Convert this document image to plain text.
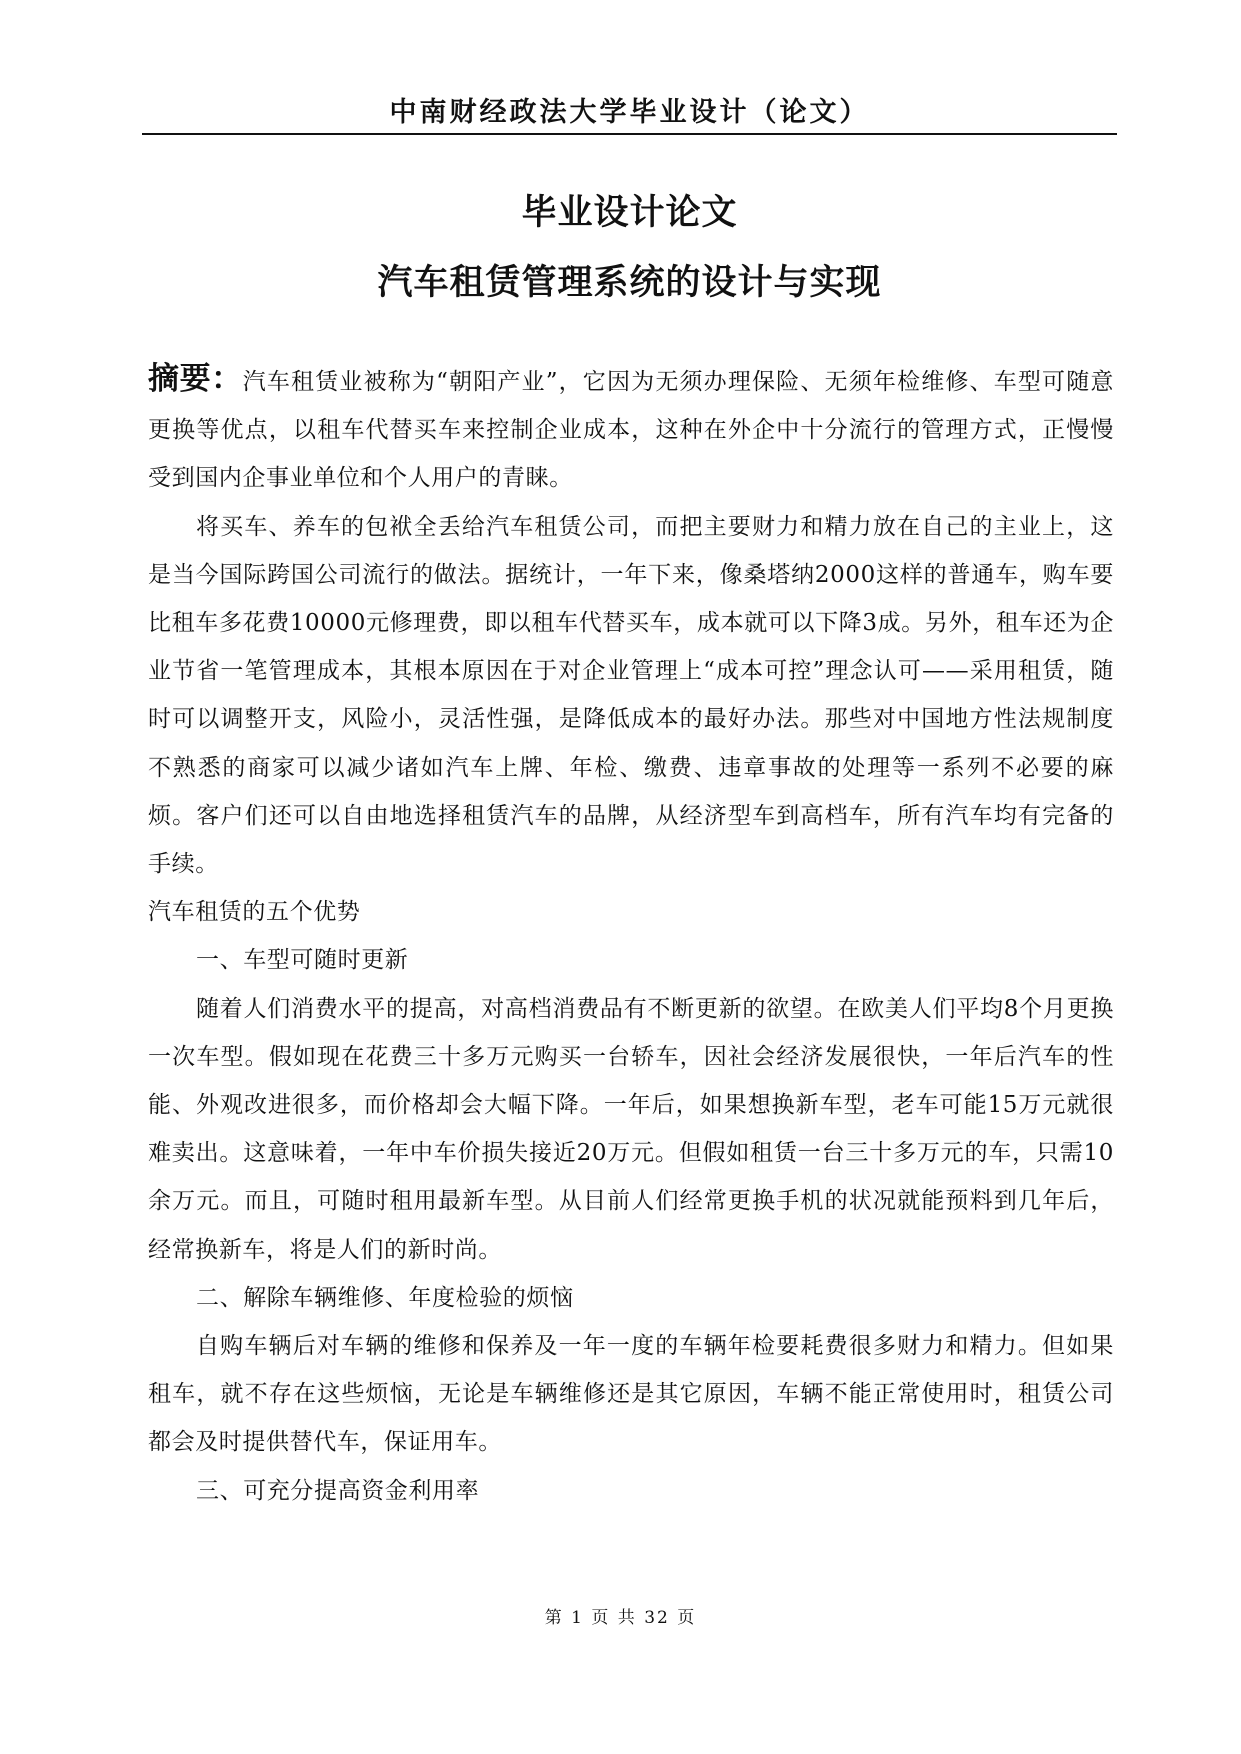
中南财经政法大学毕业设计（论文）
毕业设计论文
汽车租赁管理系统的设计与实现

摘要：汽车租赁业被称为“朝阳产业”，它因为无须办理保险、无须年检维修、车型可随意更换等优点，以租车代替买车来控制企业成本，这种在外企中十分流行的管理方式，正慢慢受到国内企事业单位和个人用户的青睐。

将买车、养车的包袱全丢给汽车租赁公司，而把主要财力和精力放在自己的主业上，这是当今国际跨国公司流行的做法。据统计，一年下来，像桑塔纳2000这样的普通车，购车要比租车多花费10000元修理费，即以租车代替买车，成本就可以下降3成。另外，租车还为企业节省一笔管理成本，其根本原因在于对企业管理上“成本可控”理念认可——采用租赁，随时可以调整开支，风险小，灵活性强，是降低成本的最好办法。那些对中国地方性法规制度不熟悉的商家可以减少诸如汽车上牌、年检、缴费、违章事故的处理等一系列不必要的麻烦。客户们还可以自由地选择租赁汽车的品牌，从经济型车到高档车，所有汽车均有完备的手续。

汽车租赁的五个优势

一、车型可随时更新

随着人们消费水平的提高，对高档消费品有不断更新的欲望。在欧美人们平均8个月更换一次车型。假如现在花费三十多万元购买一台轿车，因社会经济发展很快，一年后汽车的性能、外观改进很多，而价格却会大幅下降。一年后，如果想换新车型，老车可能15万元就很难卖出。这意味着，一年中车价损失接近20万元。但假如租赁一台三十多万元的车，只需10余万元。而且，可随时租用最新车型。从目前人们经常更换手机的状况就能预料到几年后，经常换新车，将是人们的新时尚。

二、解除车辆维修、年度检验的烦恼

自购车辆后对车辆的维修和保养及一年一度的车辆年检要耗费很多财力和精力。但如果租车，就不存在这些烦恼，无论是车辆维修还是其它原因，车辆不能正常使用时，租赁公司都会及时提供替代车，保证用车。

三、可充分提高资金利用率

第 1 页 共 32 页
